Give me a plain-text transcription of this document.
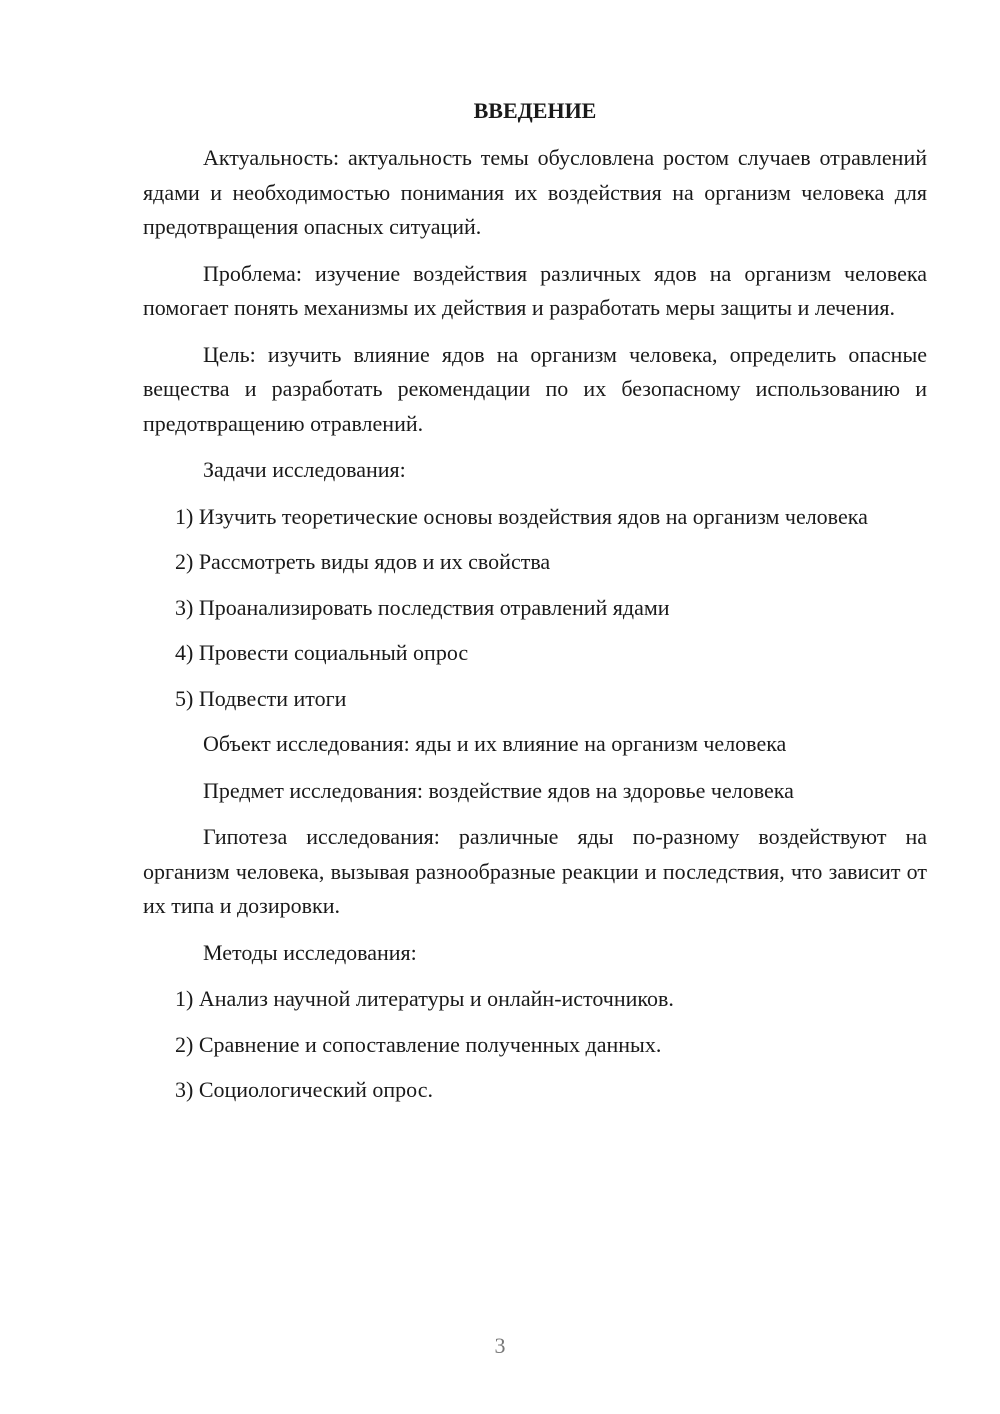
ВВЕДЕНИЕ

Актуальность: актуальность темы обусловлена ростом случаев отравлений ядами и необходимостью понимания их воздействия на организм человека для предотвращения опасных ситуаций.

Проблема: изучение воздействия различных ядов на организм человека помогает понять механизмы их действия и разработать меры защиты и лечения.

Цель: изучить влияние ядов на организм человека, определить опасные вещества и разработать рекомендации по их безопасному использованию и предотвращению отравлений.

Задачи исследования:

1) Изучить теоретические основы воздействия ядов на организм человека
2) Рассмотреть виды ядов и их свойства
3) Проанализировать последствия отравлений ядами
4) Провести социальный опрос
5) Подвести итоги

Объект исследования: яды и их влияние на организм человека

Предмет исследования: воздействие ядов на здоровье человека

Гипотеза исследования: различные яды по-разному воздействуют на организм человека, вызывая разнообразные реакции и последствия, что зависит от их типа и дозировки.

Методы исследования:

1) Анализ научной литературы и онлайн-источников.
2) Сравнение и сопоставление полученных данных.
3) Социологический опрос.
3
